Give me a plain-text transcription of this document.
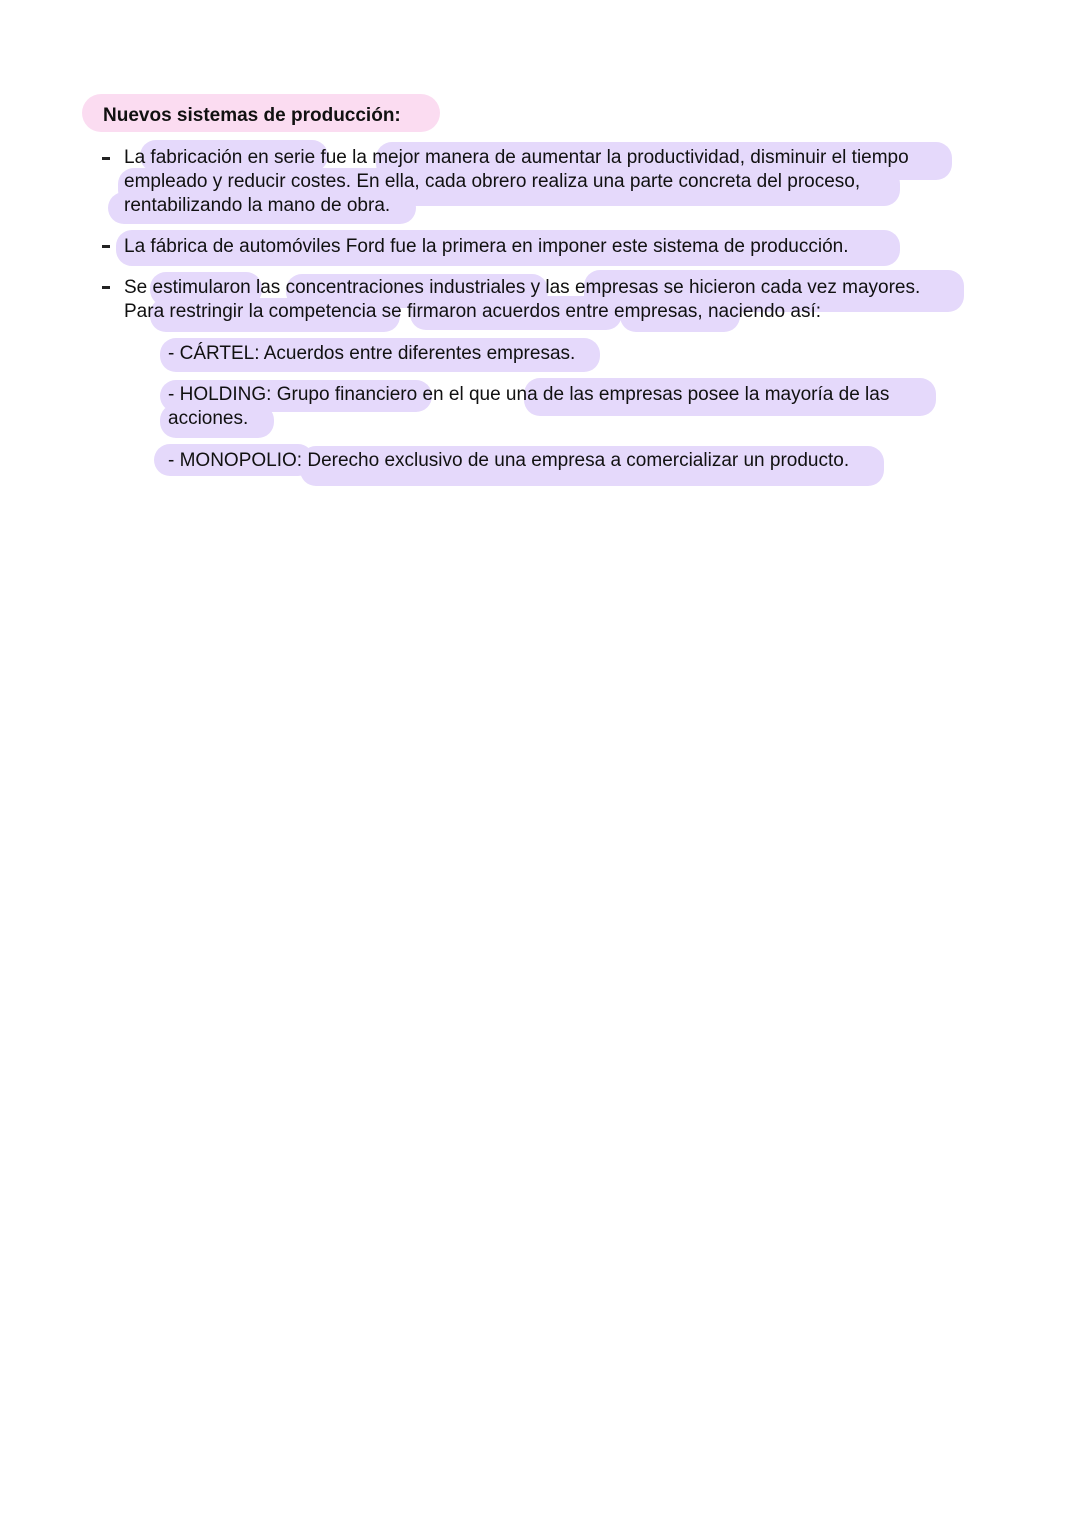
Nuevos sistemas de producción:
La fabricación en serie fue la mejor manera de aumentar la productividad, disminuir el tiempo
empleado y reducir costes. En ella, cada obrero realiza una parte concreta del proceso,
rentabilizando la mano de obra.
La fábrica de automóviles Ford fue la primera en imponer este sistema de producción.
Se estimularon las concentraciones industriales y las empresas se hicieron cada vez mayores.
Para restringir la competencia se firmaron acuerdos entre empresas, naciendo así:
- CÁRTEL: Acuerdos entre diferentes empresas.
- HOLDING: Grupo financiero en el que una de las empresas posee la mayoría de las
acciones.
- MONOPOLIO: Derecho exclusivo de una empresa a comercializar un producto.
